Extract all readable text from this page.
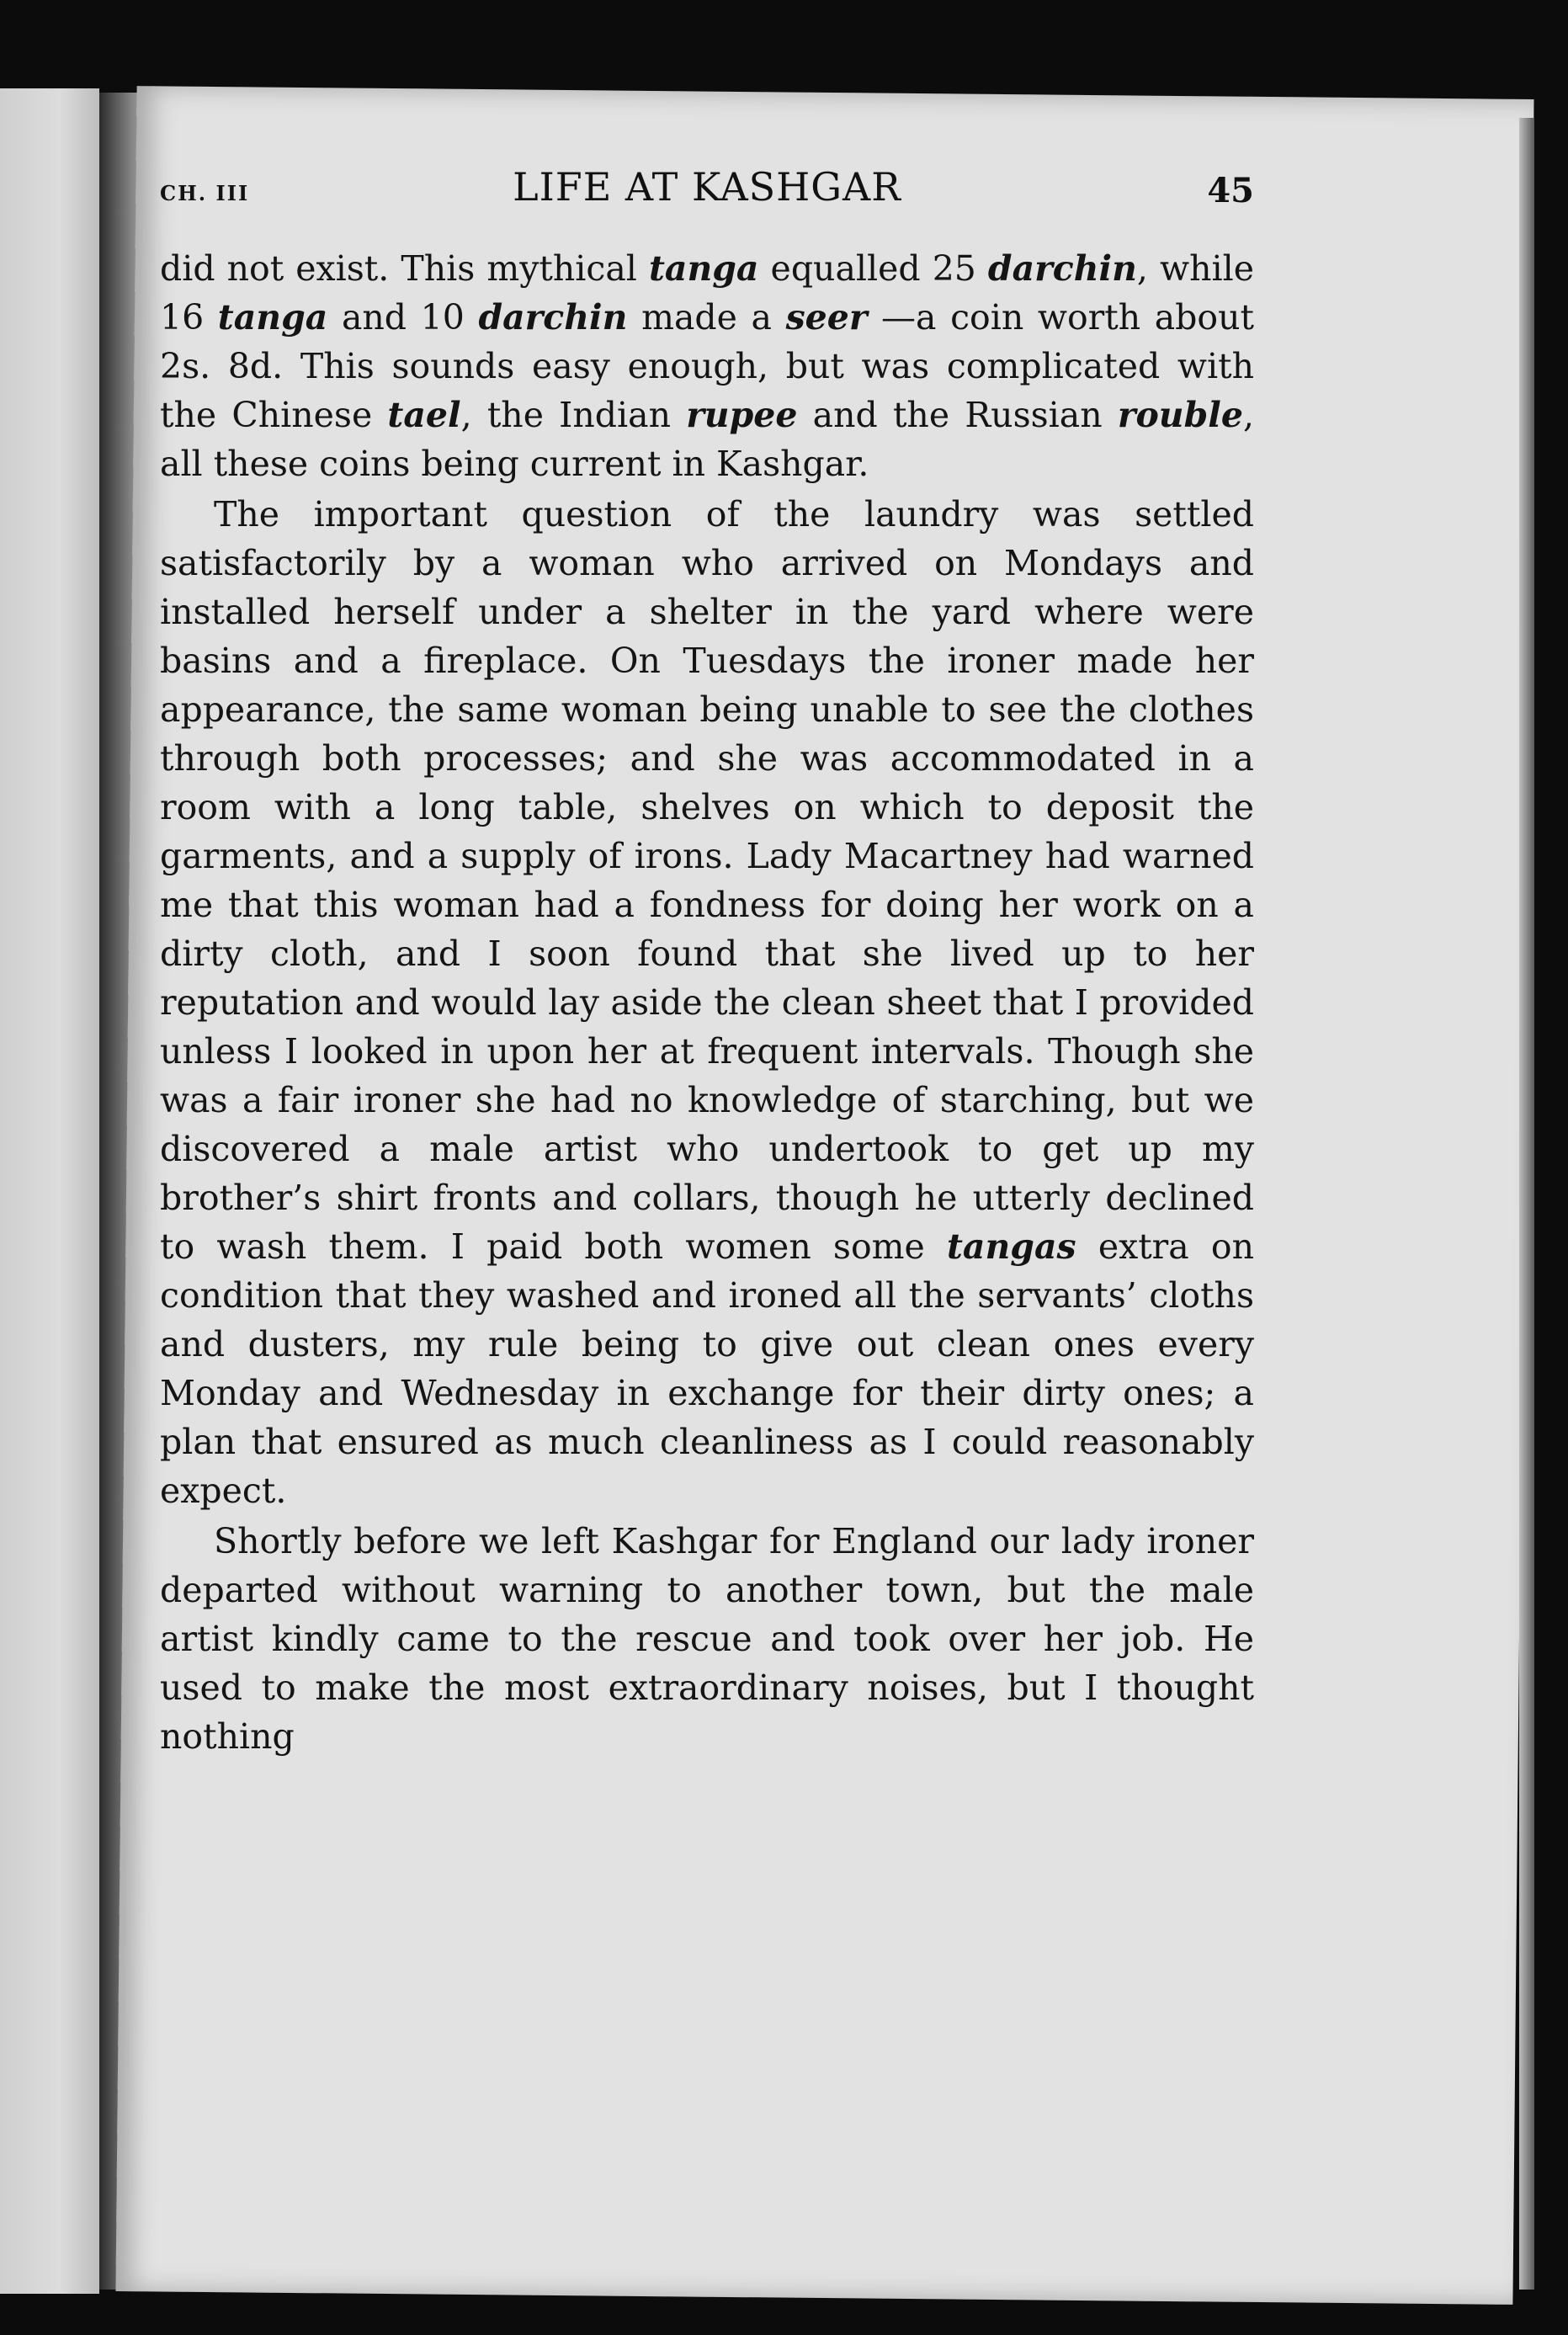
CH. III	LIFE AT KASHGAR	45

did not exist. This mythical tanga equalled 25 darchin, while 16 tanga and 10 darchin made a seer —a coin worth about 2s. 8d. This sounds easy enough, but was complicated with the Chinese tael, the Indian rupee and the Russian rouble, all these coins being current in Kashgar.

The important question of the laundry was settled satisfactorily by a woman who arrived on Mondays and installed herself under a shelter in the yard where were basins and a fireplace. On Tuesdays the ironer made her appearance, the same woman being unable to see the clothes through both processes; and she was accommodated in a room with a long table, shelves on which to deposit the garments, and a supply of irons. Lady Macartney had warned me that this woman had a fondness for doing her work on a dirty cloth, and I soon found that she lived up to her reputation and would lay aside the clean sheet that I provided unless I looked in upon her at frequent intervals. Though she was a fair ironer she had no knowledge of starching, but we discovered a male artist who undertook to get up my brother’s shirt fronts and collars, though he utterly declined to wash them. I paid both women some tangas extra on condition that they washed and ironed all the servants’ cloths and dusters, my rule being to give out clean ones every Monday and Wednesday in exchange for their dirty ones; a plan that ensured as much cleanliness as I could reasonably expect.

Shortly before we left Kashgar for England our lady ironer departed without warning to another town, but the male artist kindly came to the rescue and took over her job. He used to make the most extraordinary noises, but I thought nothing
